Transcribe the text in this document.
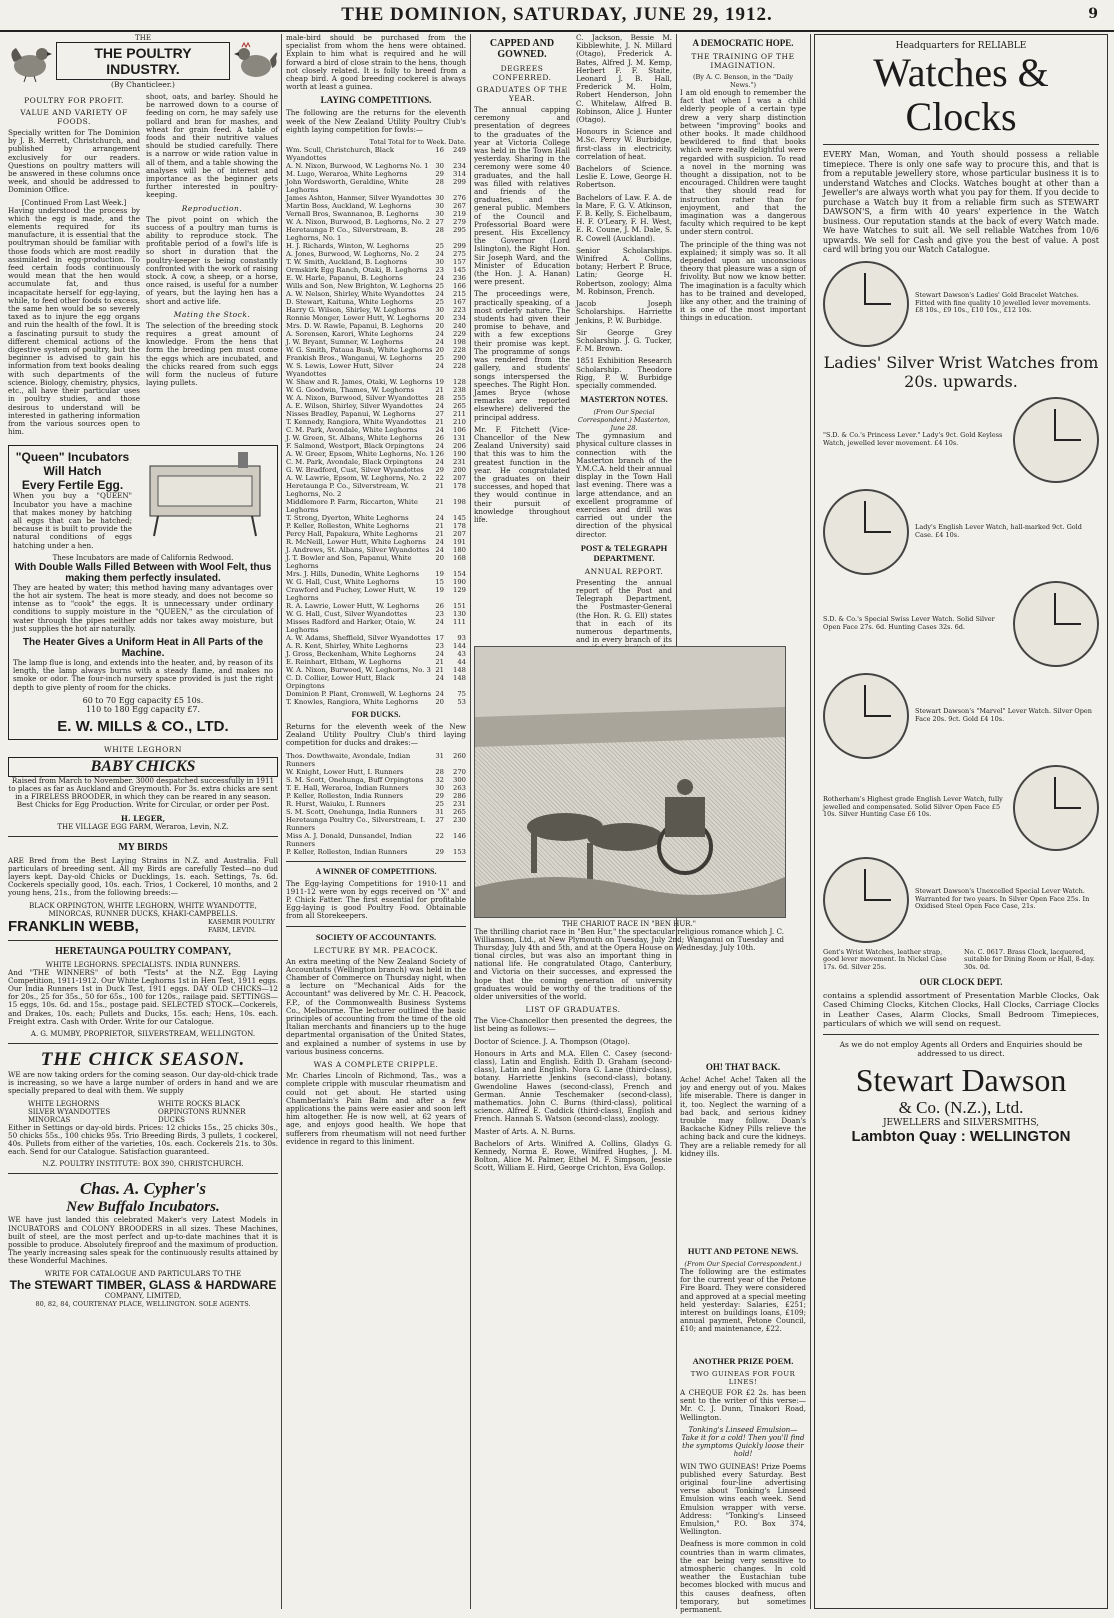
THE DOMINION, SATURDAY, JUNE 29, 1912.	9
THE
THE POULTRY INDUSTRY.
(By Chanticleer.)
POULTRY FOR PROFIT.
VALUE AND VARIETY OF FOODS.

Specially written for The Dominion by J. B. Merrett, Christchurch, and published by arrangement exclusively for our readers. Questions on poultry matters will be answered in these columns once week, and should be addressed to Dominion Office.

[Continued From Last Week.]

Having understood the process by which the egg is made, and the elements required for its manufacture, it is essential that the poultryman should be familiar with those foods which are most readily assimilated in egg-production. To feed certain foods continuously would mean that the hen would accumulate fat, and thus incapacitate herself for egg-laying, while, to feed other foods to excess, the same hen would be so severely taxed as to injure the egg organs and ruin the health of the fowl. It is a fascinating pursuit to study the different chemical actions of the digestive system of poultry, but the beginner is advised to gain his information from text books dealing with such departments of the science. Biology, chemistry, physics, etc., all have their particular uses in poultry studies, and those desirous to understand will be interested in gathering information from the various sources open to him.

shoot, oats, and barley. Should he be narrowed down to a course of feeding on corn, he may safely use pollard and bran for mashes, and wheat for grain feed. A table of foods and their nutritive values should be studied carefully. There is a narrow or wide ration value in all of them, and a table showing the analyses will be of interest and importance as the beginner gets further interested in poultry-keeping.

Reproduction.

The pivot point on which the success of a poultry man turns is ability to reproduce stock. The profitable period of a fowl's life is so short in duration that the poultry-keeper is being constantly confronted with the work of raising stock. A cow, a sheep, or a horse, once raised, is useful for a number of years, but the laying hen has a short and active life.

Mating the Stock.

The selection of the breeding stock requires a great amount of knowledge. From the hens that form the breeding pen must come the eggs which are incubated, and the chicks reared from such eggs will form the nucleus of future laying pullets.

"Queen" Incubators
Will Hatch
Every Fertile Egg.

When you buy a "QUEEN" Incubator you have a machine that makes money by hatching all eggs that can be hatched; because it is built to provide the natural conditions of eggs hatching under a hen.

These Incubators are made of California Redwood.
With Double Walls Filled Between with Wool Felt, thus making them perfectly insulated.

They are heated by water; this method having many advantages over the hot air system. The heat is more steady, and does not become so intense as to "cook" the eggs. It is unnecessary under ordinary conditions to supply moisture in the "QUEEN," as the circulation of water through the pipes neither adds nor takes away moisture, but just supplies the hot air naturally.

The Heater Gives a Uniform Heat in All Parts of the Machine.

The lamp flue is long, and extends into the heater, and, by reason of its length, the lamp always burns with a steady flame, and makes no smoke or odor. The four-inch nursery space provided is just the right depth to give plenty of room for the chicks.

60 to 70 Egg capacity £5 10s.
110 to 180 Egg capacity £7.
E. W. MILLS & CO., LTD.
WHITE LEGHORN
BABY CHICKS

Raised from March to November. 3000 despatched successfully in 1911 to places as far as Auckland and Greymouth. For 3s. extra chicks are sent in a FIRELESS BROODER, in which they can be reared in any season. Best Chicks for Egg Production. Write for Circular, or order per Post.

H. LEGER,
THE VILLAGE EGG FARM, Weraroa, Levin, N.Z.
MY BIRDS

ARE Bred from the Best Laying Strains in N.Z. and Australia. Full particulars of breeding sent. All my Birds are carefully Tested—no dud layers kept. Day-old Chicks or Ducklings, 1s. each. Settings, 7s. 6d. Cockerels specially good, 10s. each. Trios, 1 Cockerel, 10 months, and 2 young hens, 21s., from the following breeds:—

BLACK ORPINGTON, WHITE LEGHORN, WHITE WYANDOTTE, MINORCAS, RUNNER DUCKS, KHAKI-CAMPBELLS.
FRANKLIN WEBB,	KASEMIR POULTRY FARM, LEVIN.
HERETAUNGA POULTRY COMPANY,
WHITE LEGHORNS. SPECIALISTS. INDIA RUNNERS.

And "THE WINNERS" of both "Tests" at the N.Z. Egg Laying Competition, 1911-1912. Our White Leghorns 1st in Hen Test, 1911 eggs. Our India Runners 1st in Duck Test, 1911 eggs. DAY OLD CHICKS—12 for 20s., 25 for 35s., 50 for 65s., 100 for 120s., railage paid. SETTINGS—15 eggs, 10s. 6d. and 15s., postage paid. SELECTED STOCK—Cockerels, and Drakes, 10s. each; Pullets and Ducks, 15s. each; Hens, 10s. each. Freight extra. Cash with Order. Write for our Catalogue.

A. G. MUMBY, PROPRIETOR, SILVERSTREAM, WELLINGTON.
THE CHICK SEASON.

WE are now taking orders for the coming season. Our day-old-chick trade is increasing, so we have a large number of orders in hand and we are specially prepared to deal with them. We supply

WHITE LEGHORNS SILVER WYANDOTTES MINORCAS
WHITE ROCKS BLACK ORPINGTONS RUNNER DUCKS

Either in Settings or day-old birds. Prices: 12 chicks 15s., 25 chicks 30s., 50 chicks 55s., 100 chicks 95s. Trio Breeding Birds, 3 pullets, 1 cockerel, 40s. Pullets from either of the varieties, 10s. each. Cockerels 21s. to 30s. each. Send for our Catalogue. Satisfaction guaranteed.

N.Z. POULTRY INSTITUTE: BOX 390, CHRISTCHURCH.
Chas. A. Cypher's
New Buffalo Incubators.

WE have just landed this celebrated Maker's very Latest Models in INCUBATORS and COLONY BROODERS in all sizes. These Machines, built of steel, are the most perfect and up-to-date machines that it is possible to produce. Absolutely fireproof and the maximum of production. The yearly increasing sales speak for the continuously results attained by these Wonderful Machines.

WRITE FOR CATALOGUE AND PARTICULARS TO THE
The STEWART TIMBER, GLASS & HARDWARE
COMPANY, LIMITED,
80, 82, 84, COURTENAY PLACE, WELLINGTON. SOLE AGENTS.

male-bird should be purchased from the specialist from whom the hens were obtained. Explain to him what is required and he will forward a bird of close strain to the hens, though not closely related. It is folly to breed from a cheap bird. A good breeding cockerel is always worth at least a guinea.

LAYING COMPETITIONS.

The following are the returns for the eleventh week of the New Zealand Utility Poultry Club's eighth laying competition for fowls:—

Total Total for to Week. Date.
Wm. Scull, Christchurch, Black Wyandottes
16	249
A. N. Nixon, Burwood, W. Leghorns No. 1	30	234
M. Lugo, Weraroa, White Leghorns	29	314
John Wordsworth, Geraldine, White Leghorns
28	299
James Ashton, Hanmer, Silver Wyandottes 30	276
Martin Boss, Auckland, W. Leghorns	30	267
Vernall Bros, Swannanoa, B. Leghorns	30	219
W. A. Nixon, Burwood, B. Leghorns, No. 2 27	279
Heretaunga P. Co., Silverstream, B. Leghorns, No. 1
28	295
H. J. Richards, Winton, W. Leghorns	25	299
A. Jones, Burwood, W. Leghorns, No. 2	24	275
T. W. Smith, Auckland, B. Leghorns	30	157
Ormskirk Egg Ranch, Otaki, B. Leghorns	23	145
E. W. Harle, Papanui, B. Leghorns	24	236
Wills and Son, New Brighton, W. Leghorns 25	166
A. W. Nelson, Shirley, White Wyandottes	24	215
D. Stewart, Kaituna, White Leghorns	25	167
Harry G. Wilson, Shirley, W. Leghorns	30	223
Ronnie Monger, Lower Hutt, W. Leghorns 20	234
Mrs. D. W. Rawle, Papanui, B. Leghorns	20	240
A. Sorensen, Karori, White Leghorns	24	229
J. W. Bryant, Sumner, W. Leghorns	24	198
W. G. Smith, Pataua Bush, White Leghorns 20	228
Frankish Bros., Wanganui, W. Leghorns	25	290
W. S. Lewis, Lower Hutt, Silver Wyandottes
24	228
W. Shaw and R. James, Otaki, W. Leghorns 19	128
W. G. Goodwin, Thames, W. Leghorns	21	238
W. A. Nixon, Burwood, Silver Wyandottes	28	255
A. E. Wilson, Shirley, Silver Wyandottes	24	265
Nisses Bradley, Papanui, W. Leghorns	27	211
T. Kennedy, Rangiora, White Wyandottes	21	210
C. M. Park, Avondale, White Leghorns	24	106
J. W. Green, St. Albans, White Leghorns	26	131
F. Salmond, Westport, Black Orpingtons	24	206
A. W. Greer, Epsom, White Leghorns, No. 1 26	190
C. M. Park, Avondale, Black Orpingtons	24	231
G. W. Bradford, Cust, Silver Wyandottes	29	200
A. W. Lawrie, Epsom, W. Leghorns, No. 2	22	207
Heretaunga P. Co., Silverstream, W. Leghorns, No. 2
21	178
Middlemore P. Farm, Riccarton, White Leghorns
21	198
T. Strong, Dyerton, White Leghorns	24	145
P. Keller, Rolleston, White Leghorns	21	178
Percy Hall, Papakura, White Leghorns	21	207
R. McNeill, Lower Hutt, White Leghorns	24	191
J. Andrews, St. Albans, Silver Wyandottes 24	180
J. T. Bowler and Son, Papanui, White Leghorns
20	168
Mrs. J. Hills, Dunedin, White Leghorns	19	154
W. G. Hall, Cust, White Leghorns	15	190
Crawford and Fuchey, Lower Hutt, W. Leghorns
19	129
R. A. Lawrie, Lower Hutt, W. Leghorns	26	151
W. G. Hall, Cust, Silver Wyandottes	23	130
Misses Radford and Harker, Otaio, W. Leghorns
24	111
A. W. Adams, Sheffield, Silver Wyandottes 17	93
A. R. Kent, Shirley, White Leghorns	23	144
J. Gross, Beckenham, White Leghorns	24	43
E. Reinhart, Eltham, W. Leghorns	21	44
W. A. Nixon, Burwood, W. Leghorns, No. 3 21	148
C. D. Collier, Lower Hutt, Black Orpingtons
24	148
Dominion P. Plant, Cromwell, W. Leghorns 24	75
T. Knowles, Rangiora, White Leghorns	20	53
FOR DUCKS.

Returns for the eleventh week of the New Zealand Utility Poultry Club's third laying competition for ducks and drakes:—

Thos. Dowthwaite, Avondale, Indian Runners
31	260
W. Knight, Lower Hutt, I. Runners	28	270
S. M. Scott, Onehunga, Buff Orpingtons	32	300
T. E. Hall, Weraroa, Indian Runners	30	263
P. Keller, Rolleston, India Runners	29	286
R. Hurst, Waiuku, I. Runners	25	231
S. M. Scott, Onehunga, India Runners	31	265
Heretaunga Poultry Co., Silverstream, I. Runners
27	230
Miss A. J. Donald, Dunsandel, Indian Runners
22	146
P. Keller, Rolleston, Indian Runners	29	153
A WINNER OF COMPETITIONS.

The Egg-laying Competitions for 1910-11 and 1911-12 were won by eggs received on "X" and P. Chick Fatter. The first essential for profitable Egg-laying is good Poultry Food. Obtainable from all Storekeepers.

SOCIETY OF ACCOUNTANTS.
LECTURE BY MR. PEACOCK.

An extra meeting of the New Zealand Society of Accountants (Wellington branch) was held in the Chamber of Commerce on Thursday night, when a lecture on "Mechanical Aids for the Accountant" was delivered by Mr. C. H. Peacock, F.P., of the Commonwealth Business Systems Co., Melbourne. The lecturer outlined the basic principles of accounting from the time of the old Italian merchants and financiers up to the huge departmental organisation of the United States, and explained a number of systems in use by various business concerns.

WAS A COMPLETE CRIPPLE.

Mr. Charles Lincoln of Richmond, Tas., was a complete cripple with muscular rheumatism and could not get about. He started using Chamberlain's Pain Balm and after a few applications the pains were easier and soon left him altogether. He is now well, at 62 years of age, and enjoys good health. We hope that sufferers from rheumatism will not need further evidence in regard to this liniment.

CAPPED AND GOWNED.
DEGREES CONFERRED.
GRADUATES OF THE YEAR.

The annual capping ceremony and presentation of degrees to the graduates of the year at Victoria College was held in the Town Hall yesterday. Sharing in the ceremony were some 40 graduates, and the hall was filled with relatives and friends of the graduates, and the general public. Members of the Council and Professorial Board were present. His Excellency the Governor (Lord Islington), the Right Hon. Sir Joseph Ward, and the Minister of Education (the Hon. J. A. Hanan) were present.

The proceedings were, practically speaking, of a most orderly nature. The students had given their promise to behave, and with a few exceptions their promise was kept. The programme of songs was rendered from the gallery, and students' songs interspersed the speeches. The Right Hon. James Bryce (whose remarks are reported elsewhere) delivered the principal address.

Mr. F. Fitchett (Vice-Chancellor of the New Zealand University) said that this was to him the greatest function in the year. He congratulated the graduates on their successes, and hoped that they would continue in their pursuit of knowledge throughout life.

C. Jackson, Bessie M. Kibblewhite, J. N. Millard (Otago), Frederick A. Bates, Alfred J. M. Kemp, Herbert F. F. Staite, Leonard J. B. Hall, Frederick M. Holm, Robert Henderson, John C. Whitelaw, Alfred B. Robinson, Alice J. Hunter (Otago).

Honours in Science and M.Sc. Percy W. Burbidge, first-class in electricity, correlation of heat.

Bachelors of Science. Leslie E. Lowe, George H. Robertson.

Bachelors of Law. F. A. de la Mare, F. G. V. Atkinson, F. B. Kelly, S. Eichelbaum, H. F. O'Leary, F. H. West, E. R. Coune, J. M. Dale, S. R. Cowell (Auckland).

Senior Scholarships. Winifred A. Collins, botany; Herbert P. Bruce, Latin; George H. Robertson, zoology; Alma M. Robinson, French.

Jacob Joseph Scholarships. Harriette Jenkins, P. W. Burbidge.

Sir George Grey Scholarship. J. G. Tucker, F. M. Brown.

1851 Exhibition Research Scholarship. Theodore Rigg, P. W. Burbidge specially commended.

MASTERTON NOTES.
(From Our Special Correspondent.) Masterton, June 28.

The gymnasium and physical culture classes in connection with the Masterton branch of the Y.M.C.A. held their annual display in the Town Hall last evening. There was a large attendance, and an excellent programme of exercises and drill was carried out under the direction of the physical director.

POST & TELEGRAPH DEPARTMENT.
ANNUAL REPORT.

Presenting the annual report of the Post and Telegraph Department, the Postmaster-General (the Hon. R. G. Ell) states that in each of its numerous departments, and in every branch of its

THE CHARIOT RACE IN "BEN HUR."

The thrilling chariot race in "Ben Hur," the spectacular religious romance which J. C. Williamson, Ltd., at New Plymouth on Tuesday, July 2nd; Wanganui on Tuesday and Thursday, July 4th and 5th, and at the Opera House on Wednesday, July 10th.

tional circles, but was also an important thing in national life. He congratulated Otago, Canterbury, and Victoria on their successes, and expressed the hope that the coming generation of university graduates would be worthy of the traditions of the older universities of the world.

LIST OF GRADUATES.

The Vice-Chancellor then presented the degrees, the list being as follows:—

Doctor of Science. J. A. Thompson (Otago).

Honours in Arts and M.A. Ellen C. Casey (second-class), Latin and English. Edith D. Graham (second-class), Latin and English. Nora G. Lane (third-class), botany. Harriette Jenkins (second-class), botany. Gwendoline Hawes (second-class), French and German. Annie Teschemaker (second-class), mathematics. John C. Burns (third-class), political science. Alfred E. Caddick (third-class), English and French. Hannah S. Watson (second-class), zoology.

Master of Arts. A. N. Burns.

Bachelors of Arts. Winifred A. Collins, Gladys G. Kennedy, Norma E. Rowe, Winifred Hughes, J. M. Bolton, Alice M. Palmer, Ethel M. F. Simpson, Jessie Scott, William E. Hird, George Crichton, Eva Gollop.

A DEMOCRATIC HOPE.
THE TRAINING OF THE IMAGINATION.
(By A. C. Benson, in the "Daily News.")

I am old enough to remember the fact that when I was a child elderly people of a certain type drew a very sharp distinction between "improving" books and other books. It made childhood bewildered to find that books which were really delightful were regarded with suspicion. To read a novel in the morning was thought a dissipation, not to be encouraged. Children were taught that they should read for instruction rather than for enjoyment, and that the imagination was a dangerous faculty which required to be kept under stern control.

The principle of the thing was not explained; it simply was so. It all depended upon an unconscious theory that pleasure was a sign of frivolity. But now we know better. The imagination is a faculty which has to be trained and developed, like any other, and the training of it is one of the most important things in education.

OH! THAT BACK.

Ache! Ache! Ache! Taken all the joy and energy out of you. Makes life miserable. There is danger in it, too. Neglect the warning of a bad back, and serious kidney trouble may follow. Doan's Backache Kidney Pills relieve the aching back and cure the kidneys. They are a reliable remedy for all kidney ills.

HUTT AND PETONE NEWS.
(From Our Special Correspondent.)

The following are the estimates for the current year of the Petone Fire Board. They were considered and approved at a special meeting held yesterday: Salaries, £251; interest on buildings loans, £109; annual payment, Petone Council, £10; and maintenance, £22.

ANOTHER PRIZE POEM.
TWO GUINEAS FOR FOUR LINES!

A CHEQUE FOR £2 2s. has been sent to the writer of this verse:— Mr. C. J. Dunn, Tinakori Road, Wellington.

Tonking's Linseed Emulsion— Take it for a cold! Then you'll find the symptoms Quickly loose their hold!

WIN TWO GUINEAS! Prize Poems published every Saturday. Best original four-line advertising verse about Tonking's Linseed Emulsion wins each week. Send Emulsion wrapper with verse. Address: "Tonking's Linseed Emulsion," P.O. Box 374, Wellington.

Deafness is more common in cold countries than in warm climates, the ear being very sensitive to atmospheric changes. In cold weather the Eustachian tube becomes blocked with mucus and this causes deafness, often temporary, but sometimes permanent.

Headquarters for RELIABLE
Watches & Clocks

EVERY Man, Woman, and Youth should possess a reliable timepiece. There is only one safe way to procure this, and that is from a reputable jewellery store, whose particular business it is to understand Watches and Clocks. Watches bought at other than a Jeweller's are always worth what you pay for them. If you decide to purchase a Watch buy it from a reliable firm such as STEWART DAWSON'S, a firm with 40 years' experience in the Watch business. Our reputation stands at the back of every Watch made. We have Watches to suit all. We sell reliable Watches from 10/6 upwards. We sell for Cash and give you the best of value. A post card will bring you our Watch Catalogue.

Stewart Dawson's Ladies' Gold Bracelet Watches. Fitted with fine quality 10 jewelled lever movements. £8 10s., £9 10s., £10 10s., £12 10s.
Ladies' Silver Wrist Watches from 20s. upwards.
"S.D. & Co.'s Princess Lever." Lady's 9ct. Gold Keyless Watch, jewelled lever movement. £4 10s.
Lady's English Lever Watch, hall-marked 9ct. Gold Case. £4 10s.
S.D. & Co.'s Special Swiss Lever Watch. Solid Silver Open Face 27s. 6d. Hunting Cases 32s. 6d.
Stewart Dawson's "Marvel" Lever Watch. Silver Open Face 20s. 9ct. Gold £4 10s.
Rotherham's Highest grade English Lever Watch, fully jewelled and compensated. Solid Silver Open Face £5 10s. Silver Hunting Case £6 10s.
Stewart Dawson's Unexcelled Special Lever Watch. Warranted for two years. In Silver Open Face 25s. In Oxidised Steel Open Face Case, 21s.
Gent's Wrist Watches, leather strap, good lever movement. In Nickel Case 17s. 6d. Silver 25s.
No. C. 0617. Brass Clock, lacquered, suitable for Dining Room or Hall, 8-day. 30s. 0d.
OUR CLOCK DEPT.

contains a splendid assortment of Presentation Marble Clocks, Oak Cased Chiming Clocks, Kitchen Clocks, Hall Clocks, Carriage Clocks in Leather Cases, Alarm Clocks, Small Bedroom Timepieces, particulars of which we will send on request.

As we do not employ Agents all Orders and Enquiries should be addressed to us direct.
Stewart Dawson
& Co. (N.Z.), Ltd.
JEWELLERS and SILVERSMITHS,
Lambton Quay : WELLINGTON
